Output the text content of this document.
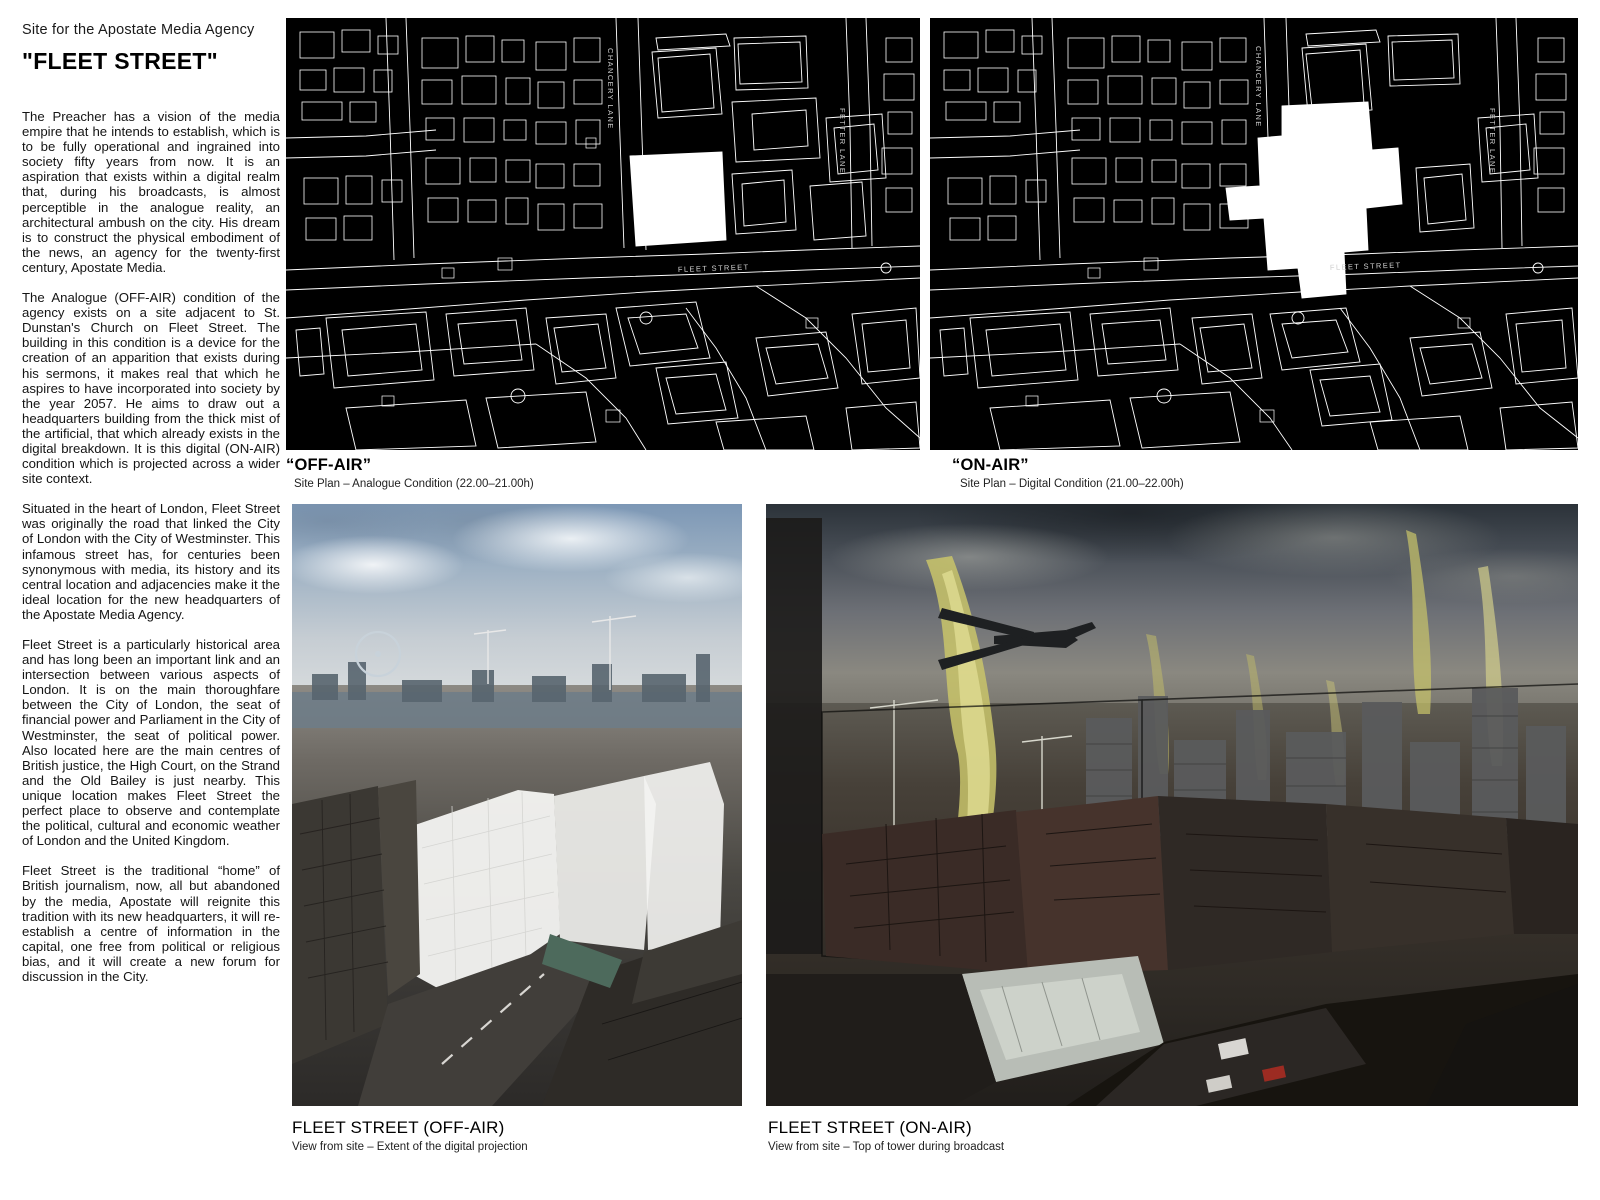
Site for the Apostate Media Agency
"FLEET STREET"

The Preacher has a vision of the media empire that he intends to establish, which is to be fully operational and ingrained into society fifty years from now. It is an aspiration that exists within a digital realm that, during his broadcasts, is almost perceptible in the analogue reality, an architectural ambush on the city. His dream is to construct the physical embodiment of the news, an agency for the twenty-first century, Apostate Media.

The Analogue (OFF-AIR) condition of the agency exists on a site adjacent to St. Dunstan's Church on Fleet Street. The building in this condition is a device for the creation of an apparition that exists during his sermons, it makes real that which he aspires to have incorporated into society by the year 2057. He aims to draw out a headquarters building from the thick mist of the artificial, that which already exists in the digital breakdown. It is this digital (ON-AIR) condition which is projected across a wider site context.

Situated in the heart of London, Fleet Street was originally the road that linked the City of London with the City of Westminster. This infamous street has, for centuries been synonymous with media, its history and its central location and adjacencies make it the ideal location for the new headquarters of the Apostate Media Agency.

Fleet Street is a particularly historical area and has long been an important link and an intersection between various aspects of London. It is on the main thoroughfare between the City of London, the seat of financial power and Parliament in the City of Westminster, the seat of political power. Also located here are the main centres of British justice, the High Court, on the Strand and the Old Bailey is just nearby. This unique location makes Fleet Street the perfect place to observe and contemplate the political, cultural and economic weather of London and the United Kingdom.

Fleet Street is the traditional “home” of British journalism, now, all but abandoned by the media, Apostate will reignite this tradition with its new headquarters, it will re-establish a centre of information in the capital, one free from political or religious bias, and it will create a new forum for discussion in the City.

CHANCERY LANE
FETTER LANE
FLEET STREET
CHANCERY LANE
FETTER LANE
FLEET STREET
“OFF-AIR”
Site Plan – Analogue Condition (22.00–21.00h)
“ON-AIR”
Site Plan – Digital Condition (21.00–22.00h)
FLEET STREET (OFF-AIR)
View from site – Extent of the digital projection
FLEET STREET (ON-AIR)
View from site – Top of tower during broadcast
